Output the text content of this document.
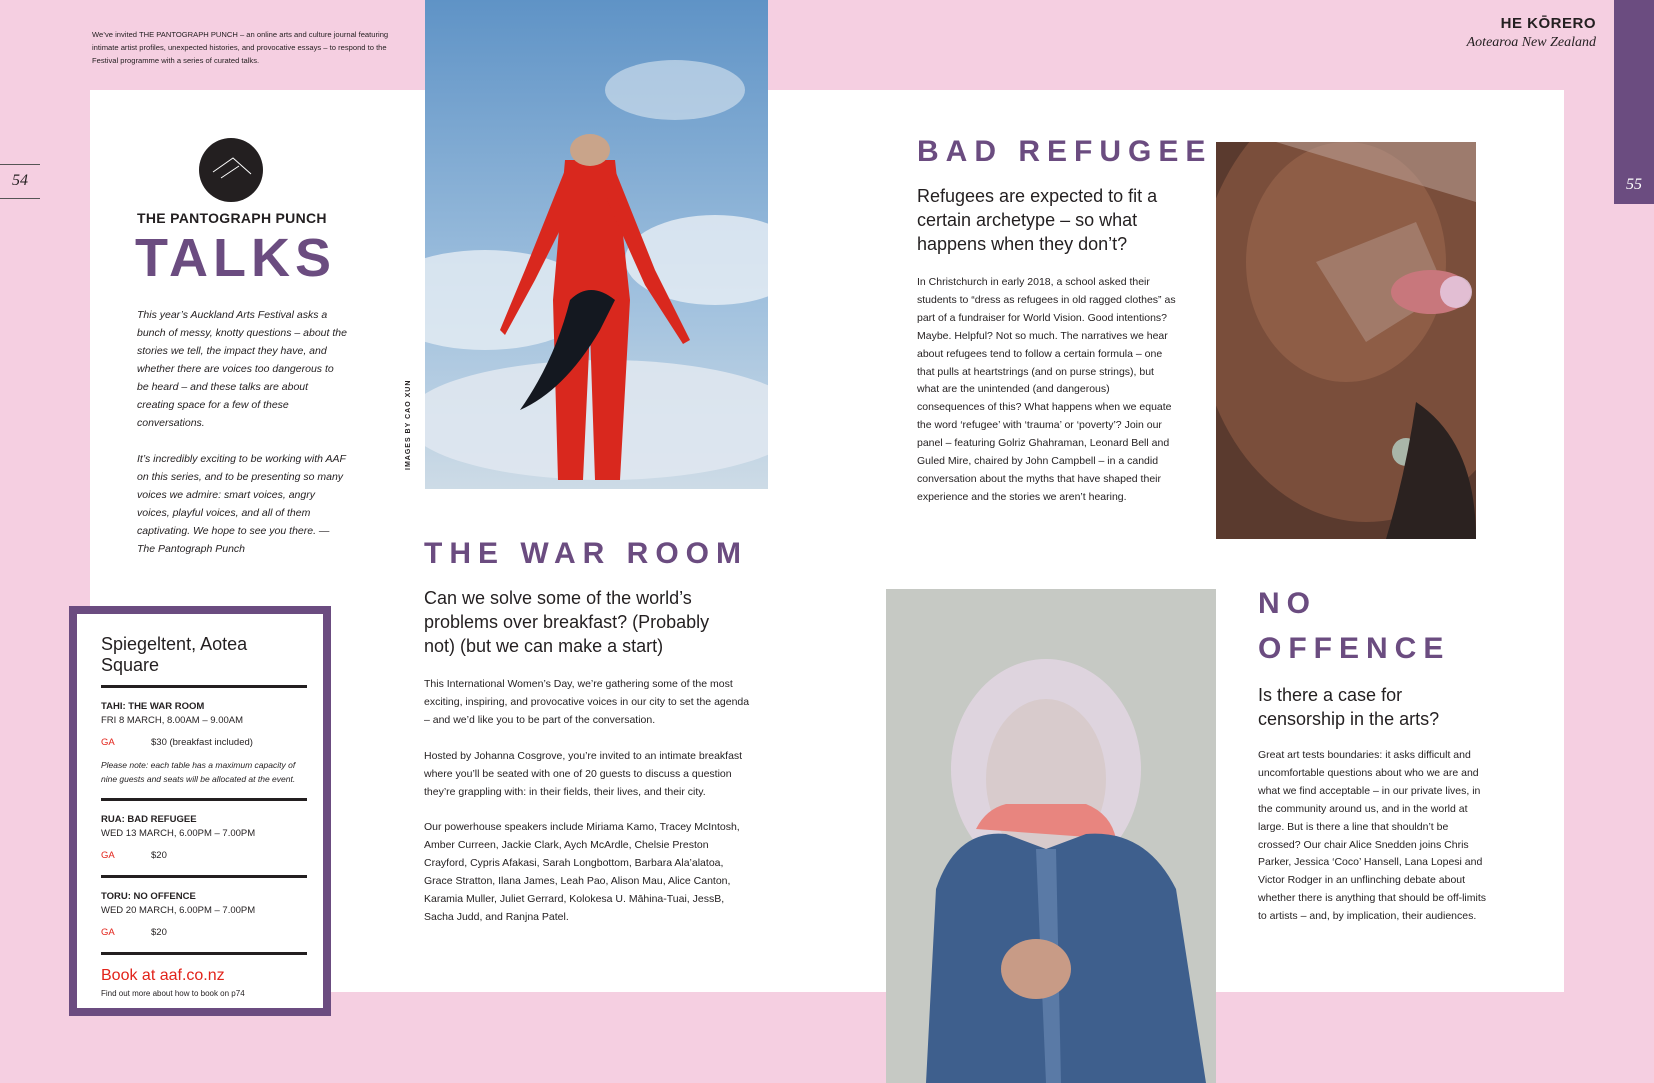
55
54
We’ve invited THE PANTOGRAPH PUNCH – an online arts and culture journal featuring intimate artist profiles, unexpected histories, and provocative essays – to respond to the Festival programme with a series of curated talks.
HE KŌRERO
Aotearoa New Zealand
THE PANTOGRAPH PUNCH
TALKS

This year’s Auckland Arts Festival asks a bunch of messy, knotty questions – about the stories we tell, the impact they have, and whether there are voices too dangerous to be heard – and these talks are about creating space for a few of these conversations.

It’s incredibly exciting to be working with AAF on this series, and to be presenting so many voices we admire: smart voices, angry voices, playful voices, and all of them captivating. We hope to see you there. — The Pantograph Punch

Spiegeltent, Aotea Square
TAHI: THE WAR ROOM
FRI 8 MARCH, 8.00AM – 9.00AM
GA	$30 (breakfast included)
Please note: each table has a maximum capacity of nine guests and seats will be allocated at the event.
RUA: BAD REFUGEE
WED 13 MARCH, 6.00PM – 7.00PM
GA	$20
TORU: NO OFFENCE
WED 20 MARCH, 6.00PM – 7.00PM
GA	$20
Book at aaf.co.nz
Find out more about how to book on p74
IMAGES BY CAO XUN
THE WAR ROOM
Can we solve some of the world’s problems over breakfast? (Probably not) (but we can make a start)

This International Women’s Day, we’re gathering some of the most exciting, inspiring, and provocative voices in our city to set the agenda – and we’d like you to be part of the conversation.

Hosted by Johanna Cosgrove, you’re invited to an intimate breakfast where you’ll be seated with one of 20 guests to discuss a question they’re grappling with: in their fields, their lives, and their city.

Our powerhouse speakers include Miriama Kamo, Tracey McIntosh, Amber Curreen, Jackie Clark, Aych McArdle, Chelsie Preston Crayford, Cypris Afakasi, Sarah Longbottom, Barbara Ala’alatoa, Grace Stratton, Ilana James, Leah Pao, Alison Mau, Alice Canton, Karamia Muller, Juliet Gerrard, Kolokesa U. Māhina-Tuai, JessB, Sacha Judd, and Ranjna Patel.

BAD REFUGEE
Refugees are expected to fit a certain archetype – so what happens when they don’t?

In Christchurch in early 2018, a school asked their students to “dress as refugees in old ragged clothes” as part of a fundraiser for World Vision. Good intentions? Maybe. Helpful? Not so much. The narratives we hear about refugees tend to follow a certain formula – one that pulls at heartstrings (and on purse strings), but what are the unintended (and dangerous) consequences of this? What happens when we equate the word ‘refugee’ with ‘trauma’ or ‘poverty’? Join our panel – featuring Golriz Ghahraman, Leonard Bell and Guled Mire, chaired by John Campbell – in a candid conversation about the myths that have shaped their experience and the stories we aren’t hearing.

NO
OFFENCE
Is there a case for censorship in the arts?

Great art tests boundaries: it asks difficult and uncomfortable questions about who we are and what we find acceptable – in our private lives, in the community around us, and in the world at large. But is there a line that shouldn’t be crossed? Our chair Alice Snedden joins Chris Parker, Jessica ‘Coco’ Hansell, Lana Lopesi and Victor Rodger in an unflinching debate about whether there is anything that should be off-limits to artists – and, by implication, their audiences.
